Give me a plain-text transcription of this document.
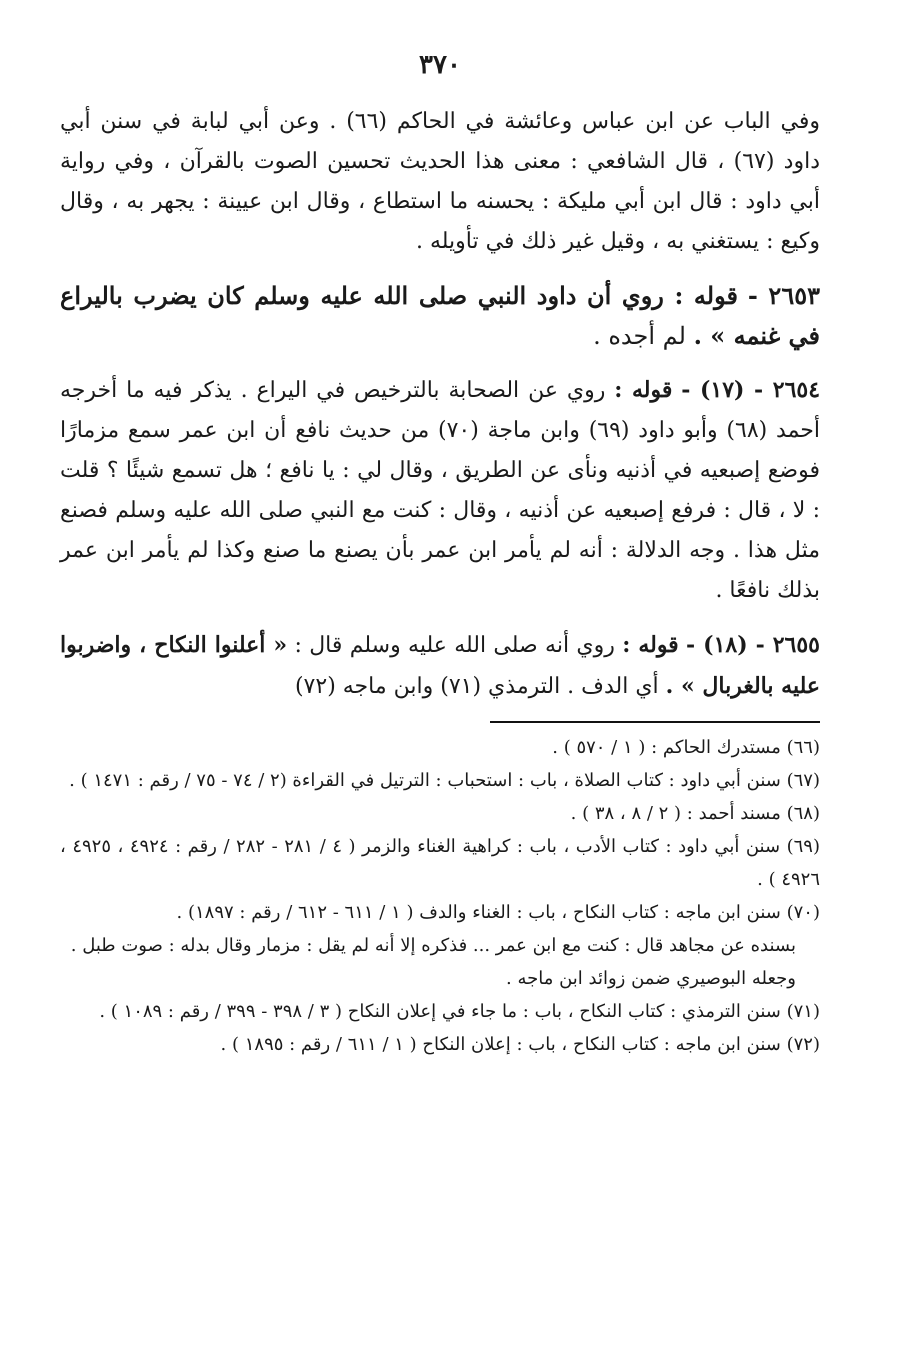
٣٧٠

وفي الباب عن ابن عباس وعائشة في الحاكم (٦٦) . وعن أبي لبابة في سنن أبي داود (٦٧) ، قال الشافعي : معنى هذا الحديث تحسين الصوت بالقرآن ، وفي رواية أبي داود : قال ابن أبي مليكة : يحسنه ما استطاع ، وقال ابن عيينة : يجهر به ، وقال وكيع : يستغني به ، وقيل غير ذلك في تأويله .

٢٦٥٣ - قوله : روي أن داود النبي صلى الله عليه وسلم كان يضرب باليراع في غنمه » . لم أجده .

٢٦٥٤ - (١٧) - قوله : روي عن الصحابة بالترخيص في اليراع . يذكر فيه ما أخرجه أحمد (٦٨) وأبو داود (٦٩) وابن ماجة (٧٠) من حديث نافع أن ابن عمر سمع مزمارًا فوضع إصبعيه في أذنيه ونأى عن الطريق ، وقال لي : يا نافع ؛ هل تسمع شيئًا ؟ قلت : لا ، قال : فرفع إصبعيه عن أذنيه ، وقال : كنت مع النبي صلى الله عليه وسلم فصنع مثل هذا . وجه الدلالة : أنه لم يأمر ابن عمر بأن يصنع ما صنع وكذا لم يأمر ابن عمر بذلك نافعًا .

٢٦٥٥ - (١٨) - قوله : روي أنه صلى الله عليه وسلم قال : « أعلنوا النكاح ، واضربوا عليه بالغربال » . أي الدف . الترمذي (٧١) وابن ماجه (٧٢)

(٦٦) مستدرك الحاكم : ( ١ / ٥٧٠ ) .

(٦٧) سنن أبي داود : كتاب الصلاة ، باب : استحباب : الترتيل في القراءة (٢ / ٧٤ - ٧٥ / رقم : ١٤٧١ ) .

(٦٨) مسند أحمد : ( ٢ / ٨ ، ٣٨ ) .

(٦٩) سنن أبي داود : كتاب الأدب ، باب : كراهية الغناء والزمر ( ٤ / ٢٨١ - ٢٨٢ / رقم : ٤٩٢٤ ، ٤٩٢٥ ، ٤٩٢٦ ) .

(٧٠) سنن ابن ماجه : كتاب النكاح ، باب : الغناء والدف ( ١ / ٦١١ - ٦١٢ / رقم : ١٨٩٧) .

بسنده عن مجاهد قال : كنت مع ابن عمر ... فذكره إلا أنه لم يقل : مزمار وقال بدله : صوت طبل .

وجعله البوصيري ضمن زوائد ابن ماجه .

(٧١) سنن الترمذي : كتاب النكاح ، باب : ما جاء في إعلان النكاح ( ٣ / ٣٩٨ - ٣٩٩ / رقم : ١٠٨٩ ) .

(٧٢) سنن ابن ماجه : كتاب النكاح ، باب : إعلان النكاح ( ١ / ٦١١ / رقم : ١٨٩٥ ) .
